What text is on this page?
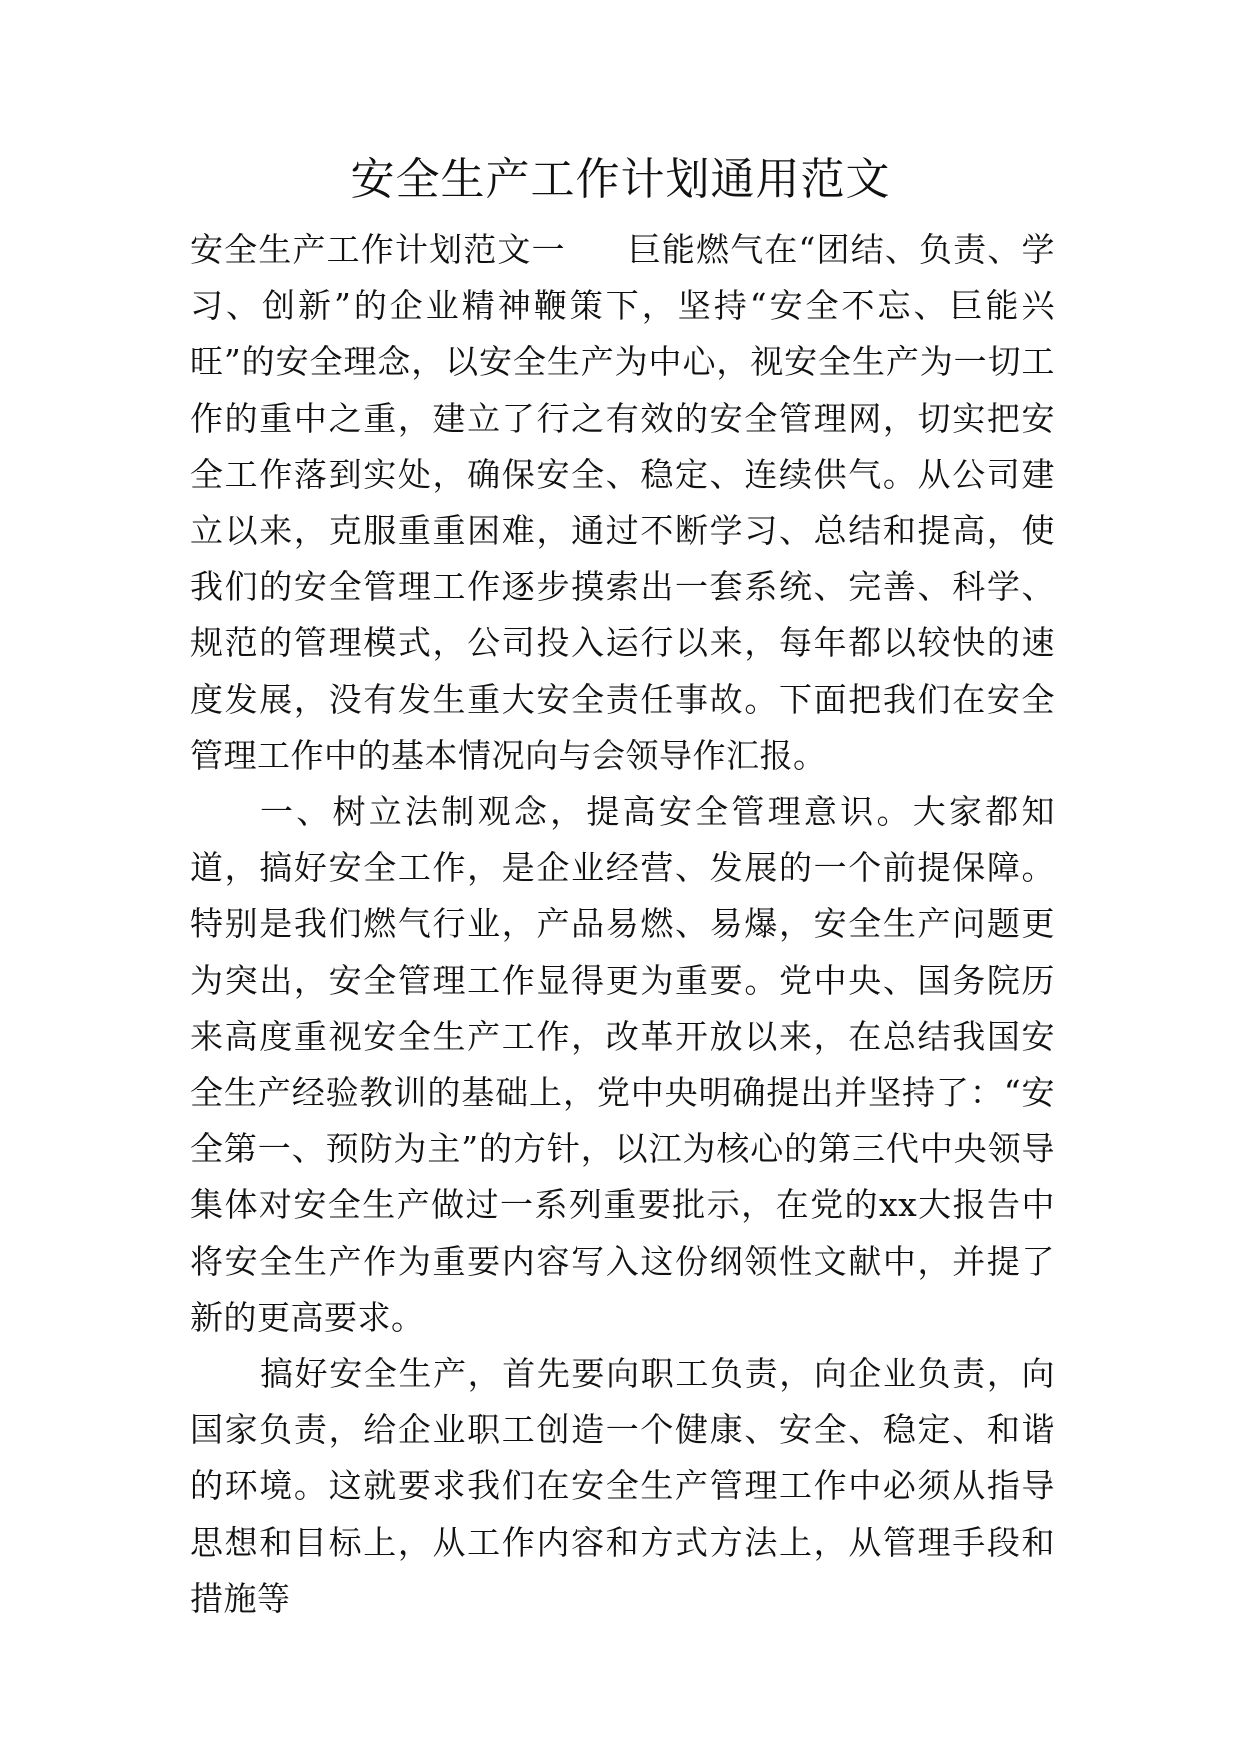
安全生产工作计划通用范文

安全生产工作计划范文一 巨能燃气在“团结、负责、学习、创新”的企业精神鞭策下，坚持“安全不忘、巨能兴旺”的安全理念，以安全生产为中心，视安全生产为一切工作的重中之重，建立了行之有效的安全管理网，切实把安全工作落到实处，确保安全、稳定、连续供气。从公司建立以来，克服重重困难，通过不断学习、总结和提高，使我们的安全管理工作逐步摸索出一套系统、完善、科学、规范的管理模式，公司投入运行以来，每年都以较快的速度发展，没有发生重大安全责任事故。下面把我们在安全管理工作中的基本情况向与会领导作汇报。

一、树立法制观念，提高安全管理意识。大家都知道，搞好安全工作，是企业经营、发展的一个前提保障。特别是我们燃气行业，产品易燃、易爆，安全生产问题更为突出，安全管理工作显得更为重要。党中央、国务院历来高度重视安全生产工作，改革开放以来，在总结我国安全生产经验教训的基础上，党中央明确提出并坚持了：“安全第一、预防为主”的方针，以江为核心的第三代中央领导集体对安全生产做过一系列重要批示，在党的xx大报告中将安全生产作为重要内容写入这份纲领性文献中，并提了新的更高要求。

搞好安全生产，首先要向职工负责，向企业负责，向国家负责，给企业职工创造一个健康、安全、稳定、和谐的环境。这就要求我们在安全生产管理工作中必须从指导思想和目标上，从工作内容和方式方法上，从管理手段和措施等
